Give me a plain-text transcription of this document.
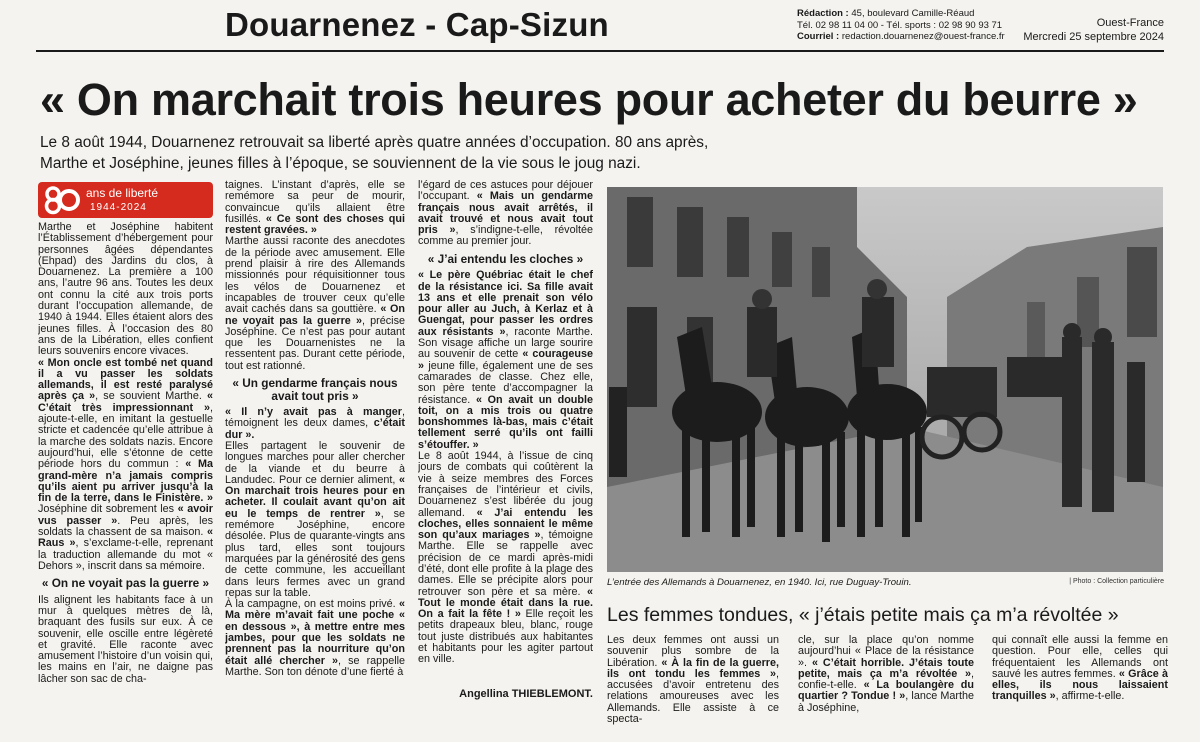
Douarnenez - Cap-Sizun	Rédaction : 45, boulevard Camille-Réaud
Tél. 02 98 11 04 00 - Tél. sports : 02 98 90 93 71
Courriel : redaction.douarnenez@ouest-france.fr
Ouest-France
Mercredi 25 septembre 2024
« On marchait trois heures pour acheter du beurre »
Le 8 août 1944, Douarnenez retrouvait sa liberté après quatre années d’occupation. 80 ans après,
Marthe et Joséphine, jeunes filles à l’époque, se souviennent de la vie sous le joug nazi.
ans de liberté
1944-2024

Marthe et Joséphine habitent l’Établissement d’hébergement pour personnes âgées dépendantes (Ehpad) des Jardins du clos, à Douarnenez. La première a 100 ans, l’autre 96 ans. Toutes les deux ont connu la cité aux trois ports durant l’occupation allemande, de 1940 à 1944. Elles étaient alors des jeunes filles. À l’occasion des 80 ans de la Libération, elles confient leurs souvenirs encore vivaces.

« Mon oncle est tombé net quand il a vu passer les soldats allemands, il est resté paralysé après ça », se souvient Marthe. « C’était très impressionnant », ajoute-t-elle, en imitant la gestuelle stricte et cadencée qu’elle attribue à la marche des soldats nazis. Encore aujourd’hui, elle s’étonne de cette période hors du commun : « Ma grand-mère n’a jamais compris qu’ils aient pu arriver jusqu’à la fin de la terre, dans le Finistère. » Joséphine dit sobrement les « avoir vus passer ». Peu après, les soldats la chassent de sa maison. « Raus », s’exclame-t-elle, reprenant la traduction allemande du mot « Dehors », inscrit dans sa mémoire.

« On ne voyait pas la guerre »

Ils alignent les habitants face à un mur à quelques mètres de là, braquant des fusils sur eux. À ce souvenir, elle oscille entre légèreté et gravité. Elle raconte avec amusement l’histoire d’un voisin qui, les mains en l’air, ne daigne pas lâcher son sac de cha-

taignes. L’instant d’après, elle se remémore sa peur de mourir, convaincue qu’ils allaient être fusillés. « Ce sont des choses qui restent gravées. »

Marthe aussi raconte des anecdotes de la période avec amusement. Elle prend plaisir à rire des Allemands missionnés pour réquisitionner tous les vélos de Douarnenez et incapables de trouver ceux qu’elle avait cachés dans sa gouttière. « On ne voyait pas la guerre », précise Joséphine. Ce n’est pas pour autant que les Douarnenistes ne la ressentent pas. Durant cette période, tout est rationné.

« Un gendarme français nous avait tout pris »

« Il n’y avait pas à manger, témoignent les deux dames, c’était dur ».

Elles partagent le souvenir de longues marches pour aller chercher de la viande et du beurre à Landudec. Pour ce dernier aliment, « On marchait trois heures pour en acheter. Il coulait avant qu’on ait eu le temps de rentrer », se remémore Joséphine, encore désolée. Plus de quarante-vingts ans plus tard, elles sont toujours marquées par la générosité des gens de cette commune, les accueillant dans leurs fermes avec un grand repas sur la table.

À la campagne, on est moins privé. « Ma mère m’avait fait une poche « en dessous », à mettre entre mes jambes, pour que les soldats ne prennent pas la nourriture qu’on était allé chercher », se rappelle Marthe. Son ton dénote d’une fierté à

l’égard de ces astuces pour déjouer l’occupant. « Mais un gendarme français nous avait arrêtés, il avait trouvé et nous avait tout pris », s’indigne-t-elle, révoltée comme au premier jour.

« J’ai entendu les cloches »

« Le père Québriac était le chef de la résistance ici. Sa fille avait 13 ans et elle prenait son vélo pour aller au Juch, à Kerlaz et à Guengat, pour passer les ordres aux résistants », raconte Marthe. Son visage affiche un large sourire au souvenir de cette « courageuse » jeune fille, également une de ses camarades de classe. Chez elle, son père tente d’accompagner la résistance. « On avait un double toit, on a mis trois ou quatre bonshommes là-bas, mais c’était tellement serré qu’ils ont failli s’étouffer. »

Le 8 août 1944, à l’issue de cinq jours de combats qui coûtèrent la vie à seize membres des Forces françaises de l’intérieur et civils, Douarnenez s’est libérée du joug allemand. « J’ai entendu les cloches, elles sonnaient le même son qu’aux mariages », témoigne Marthe. Elle se rappelle avec précision de ce mardi après-midi d’été, dont elle profite à la plage des dames. Elle se précipite alors pour retrouver son père et sa mère. « Tout le monde était dans la rue. On a fait la fête ! » Elle reçoit les petits drapeaux bleu, blanc, rouge tout juste distribués aux habitantes et habitants pour les agiter partout en ville.

Angellina THIEBLEMONT.
L’entrée des Allemands à Douarnenez, en 1940. Ici, rue Duguay-Trouin.	| Photo : Collection particulière
Les femmes tondues, « j’étais petite mais ça m’a révoltée »
Les deux femmes ont aussi un souvenir plus sombre de la Libération. « À la fin de la guerre, ils ont tondu les femmes », accusées d’avoir entretenu des relations amoureuses avec les Allemands. Elle assiste à ce specta-
cle, sur la place qu’on nomme aujourd’hui « Place de la résistance ». « C’était horrible. J’étais toute petite, mais ça m’a révoltée », confie-t-elle. « La boulangère du quartier ? Tondue ! », lance Marthe à Joséphine,
qui connaît elle aussi la femme en question. Pour elle, celles qui fréquentaient les Allemands ont sauvé les autres femmes. « Grâce à elles, ils nous laissaient tranquilles », affirme-t-elle.
